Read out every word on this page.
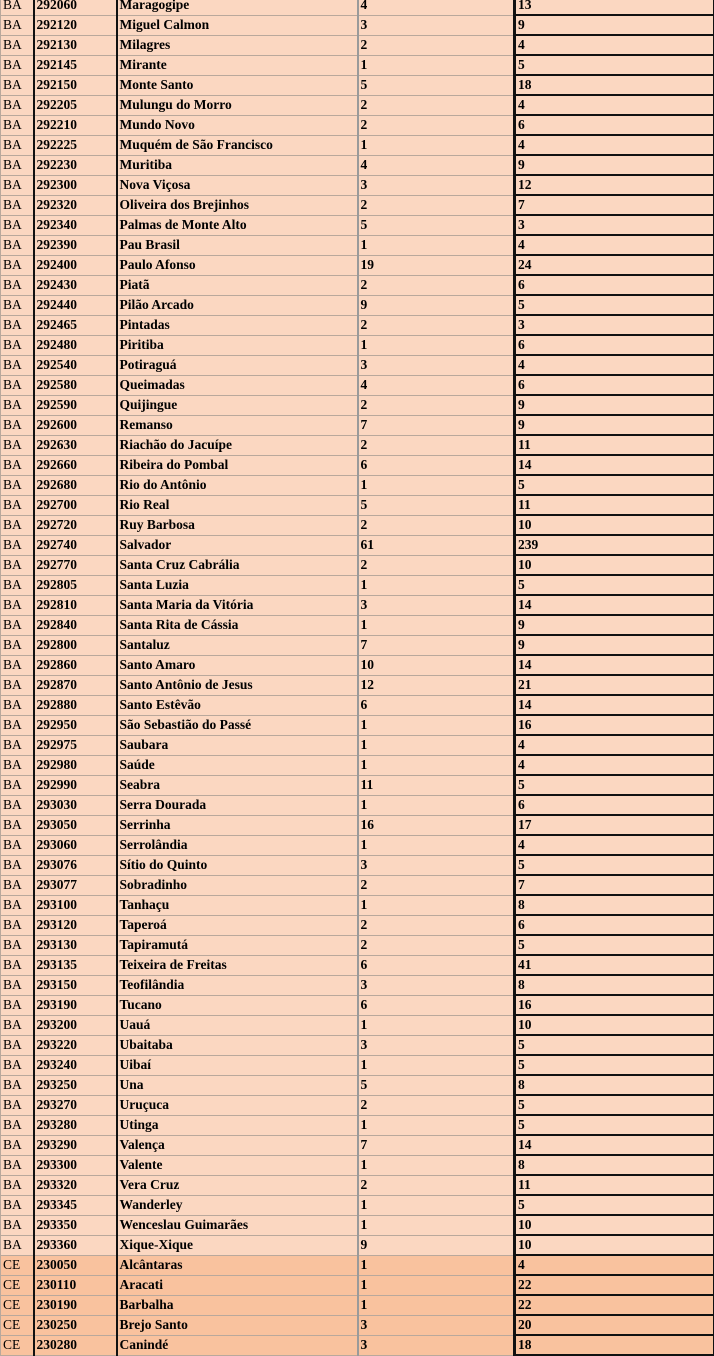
BA	292060	Maragogipe	4	13
BA	292120	Miguel Calmon	3	9
BA	292130	Milagres	2	4
BA	292145	Mirante	1	5
BA	292150	Monte Santo	5	18
BA	292205	Mulungu do Morro	2	4
BA	292210	Mundo Novo	2	6
BA	292225	Muquém de São Francisco	1	4
BA	292230	Muritiba	4	9
BA	292300	Nova Viçosa	3	12
BA	292320	Oliveira dos Brejinhos	2	7
BA	292340	Palmas de Monte Alto	5	3
BA	292390	Pau Brasil	1	4
BA	292400	Paulo Afonso	19	24
BA	292430	Piatã	2	6
BA	292440	Pilão Arcado	9	5
BA	292465	Pintadas	2	3
BA	292480	Piritiba	1	6
BA	292540	Potiraguá	3	4
BA	292580	Queimadas	4	6
BA	292590	Quijingue	2	9
BA	292600	Remanso	7	9
BA	292630	Riachão do Jacuípe	2	11
BA	292660	Ribeira do Pombal	6	14
BA	292680	Rio do Antônio	1	5
BA	292700	Rio Real	5	11
BA	292720	Ruy Barbosa	2	10
BA	292740	Salvador	61	239
BA	292770	Santa Cruz Cabrália	2	10
BA	292805	Santa Luzia	1	5
BA	292810	Santa Maria da Vitória	3	14
BA	292840	Santa Rita de Cássia	1	9
BA	292800	Santaluz	7	9
BA	292860	Santo Amaro	10	14
BA	292870	Santo Antônio de Jesus	12	21
BA	292880	Santo Estêvão	6	14
BA	292950	São Sebastião do Passé	1	16
BA	292975	Saubara	1	4
BA	292980	Saúde	1	4
BA	292990	Seabra	11	5
BA	293030	Serra Dourada	1	6
BA	293050	Serrinha	16	17
BA	293060	Serrolândia	1	4
BA	293076	Sítio do Quinto	3	5
BA	293077	Sobradinho	2	7
BA	293100	Tanhaçu	1	8
BA	293120	Taperoá	2	6
BA	293130	Tapiramutá	2	5
BA	293135	Teixeira de Freitas	6	41
BA	293150	Teofilândia	3	8
BA	293190	Tucano	6	16
BA	293200	Uauá	1	10
BA	293220	Ubaitaba	3	5
BA	293240	Uibaí	1	5
BA	293250	Una	5	8
BA	293270	Uruçuca	2	5
BA	293280	Utinga	1	5
BA	293290	Valença	7	14
BA	293300	Valente	1	8
BA	293320	Vera Cruz	2	11
BA	293345	Wanderley	1	5
BA	293350	Wenceslau Guimarães	1	10
BA	293360	Xique-Xique	9	10
CE	230050	Alcântaras	1	4
CE	230110	Aracati	1	22
CE	230190	Barbalha	1	22
CE	230250	Brejo Santo	3	20
CE	230280	Canindé	3	18
